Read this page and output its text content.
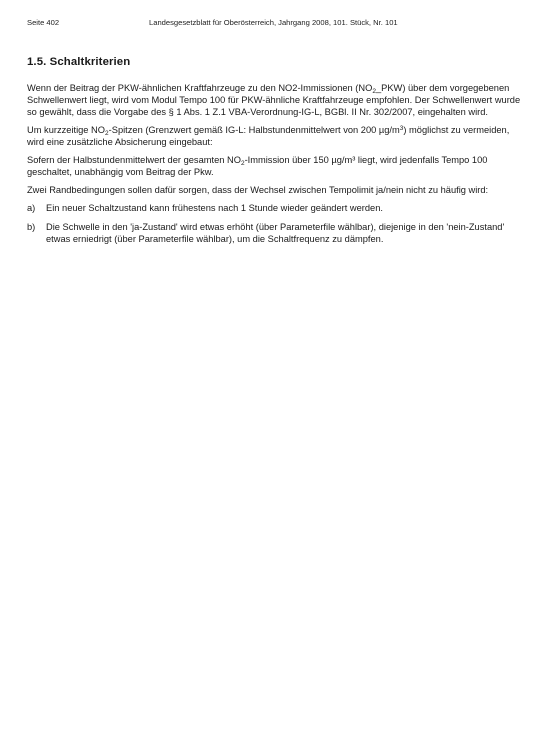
Seite 402	Landesgesetzblatt für Oberösterreich, Jahrgang 2008, 101. Stück, Nr. 101
1.5. Schaltkriterien

Wenn der Beitrag der PKW-ähnlichen Kraftfahrzeuge zu den NO2-Immissionen $(NO_2\_PKW)$ über dem vorgegebenen Schwellenwert liegt, wird vom Modul Tempo 100 für PKW-ähnliche Kraftfahrzeuge empfohlen. Der Schwellenwert wurde so gewählt, dass die Vorgabe des § 1 Abs. 1 Z.1 VBA-Verordnung-IG-L, BGBl. II Nr. 302/2007, eingehalten wird.

Um kurzzeitige $NO_2$-Spitzen (Grenzwert gemäß IG-L: Halbstundenmittelwert von 200 $\mu g/m^3$) möglichst zu vermeiden, wird eine zusätzliche Absicherung eingebaut:

Sofern der Halbstundenmittelwert der gesamten $NO_2$-Immission über 150 µg/m³ liegt, wird jedenfalls Tempo 100 geschaltet, unabhängig vom Beitrag der Pkw.

Zwei Randbedingungen sollen dafür sorgen, dass der Wechsel zwischen Tempolimit ja/nein nicht zu häufig wird:

a) Ein neuer Schaltzustand kann frühestens nach 1 Stunde wieder geändert werden.
b) Die Schwelle in den 'ja-Zustand' wird etwas erhöht (über Parameterfile wählbar), diejenige in den 'nein-Zustand' etwas erniedrigt (über Parameterfile wählbar), um die Schaltfrequenz zu dämpfen.
